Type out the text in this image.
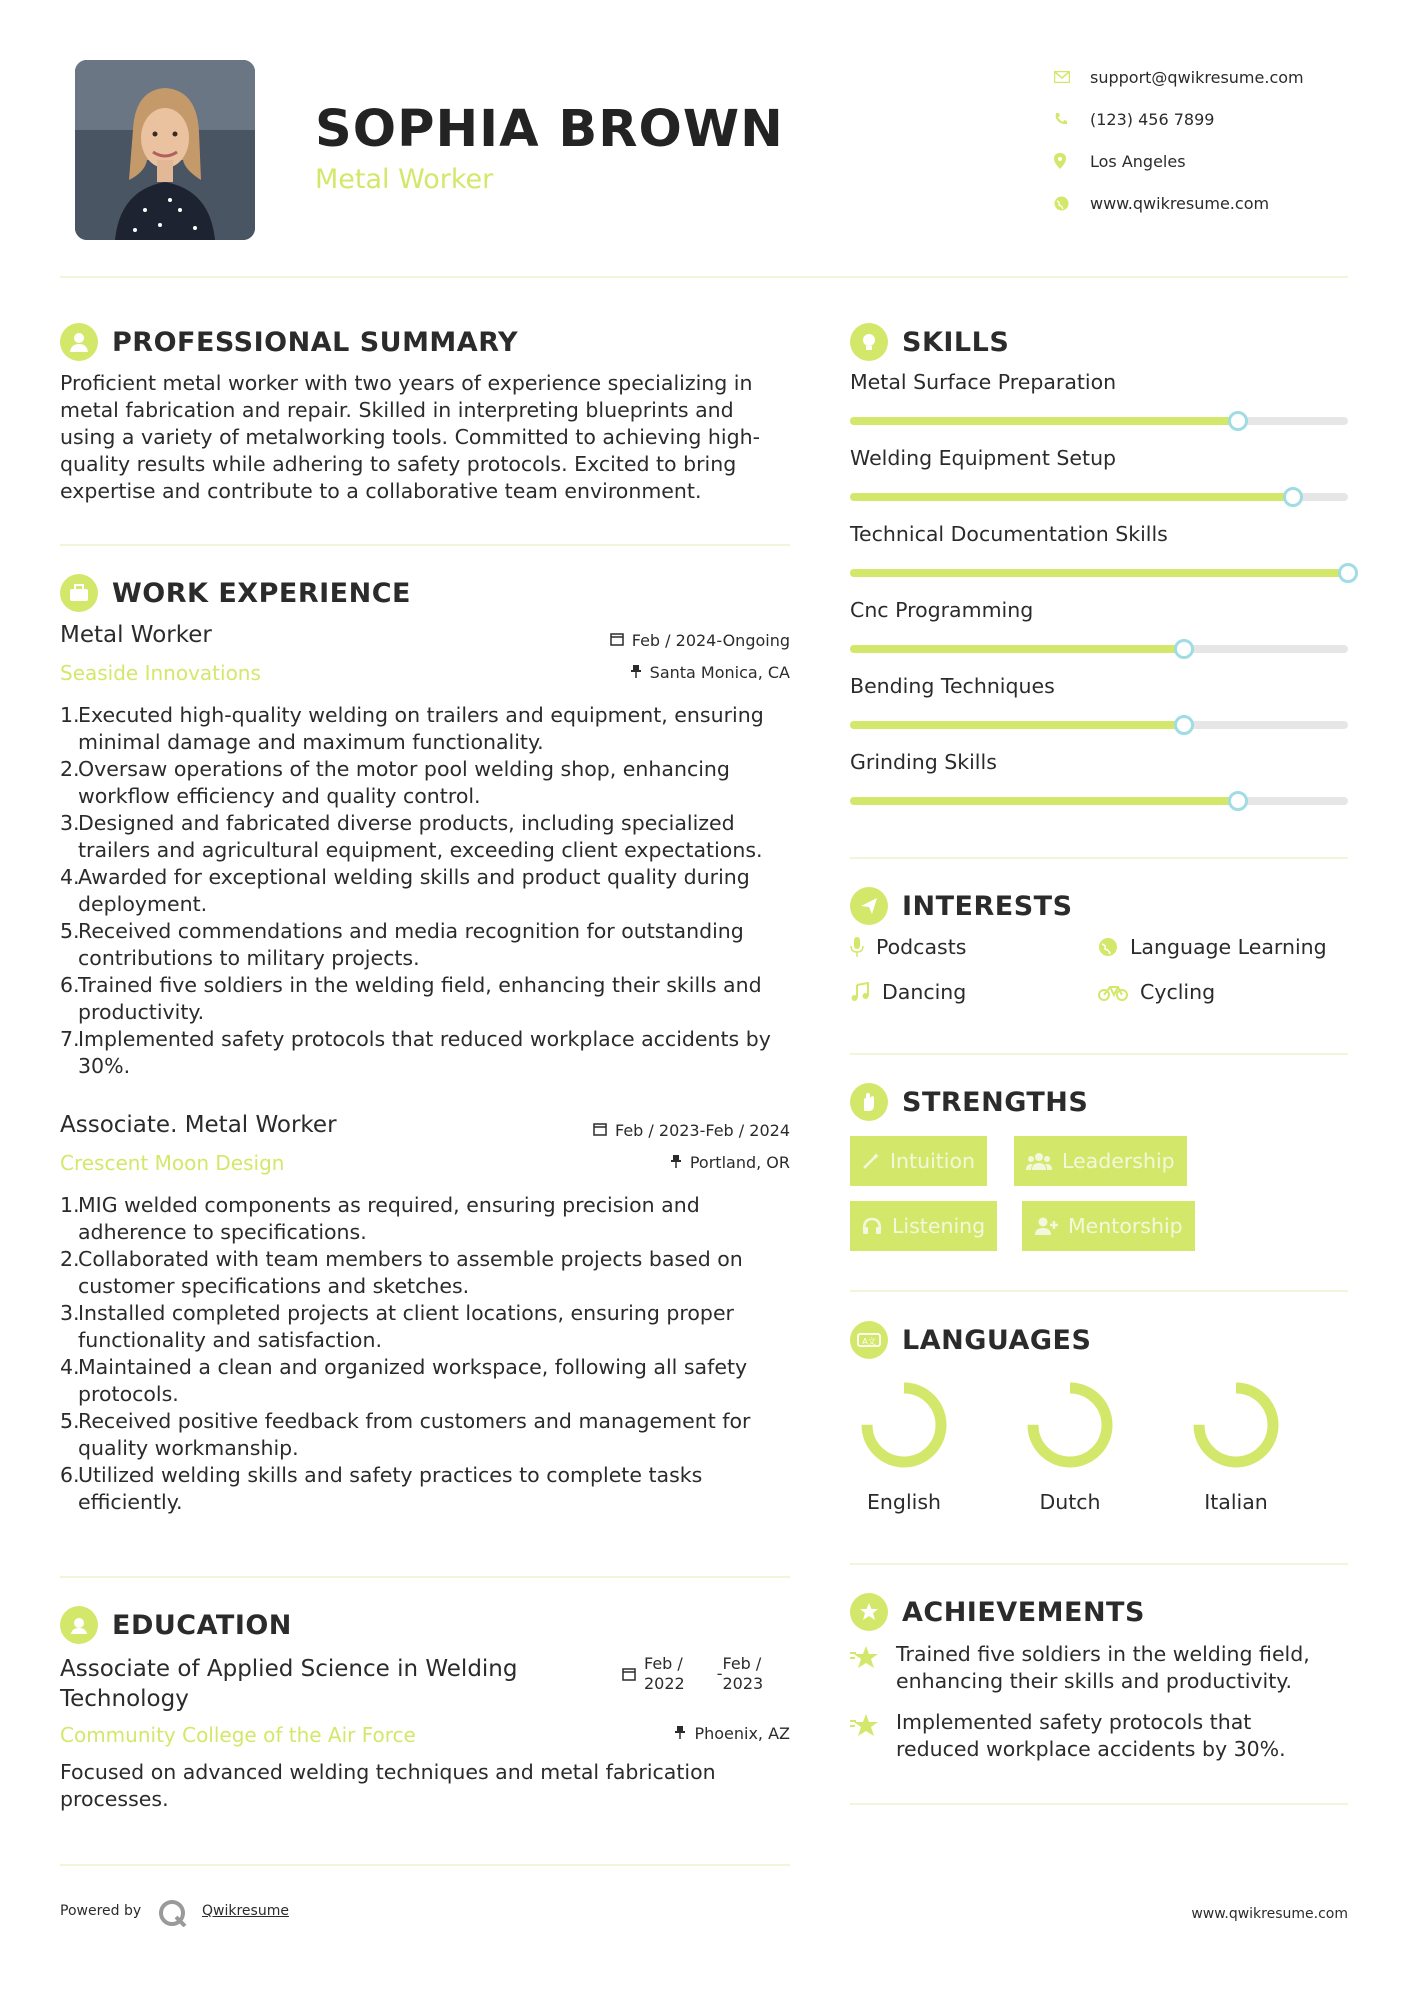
SOPHIA BROWN
Metal Worker
support@qwikresume.com
(123) 456 7899
Los Angeles
www.qwikresume.com
PROFESSIONAL SUMMARY
Proficient metal worker with two years of experience specializing in
metal fabrication and repair. Skilled in interpreting blueprints and
using a variety of metalworking tools. Committed to achieving high-
quality results while adhering to safety protocols. Excited to bring
expertise and contribute to a collaborative team environment.
WORK EXPERIENCE
Metal Worker
Seaside Innovations
Feb / 2024-Ongoing
Santa Monica, CA
1.
Executed high-quality welding on trailers and equipment, ensuring
minimal damage and maximum functionality.
2.
Oversaw operations of the motor pool welding shop, enhancing
workflow efficiency and quality control.
3.
Designed and fabricated diverse products, including specialized
trailers and agricultural equipment, exceeding client expectations.
4.
Awarded for exceptional welding skills and product quality during
deployment.
5.
Received commendations and media recognition for outstanding
contributions to military projects.
6.
Trained five soldiers in the welding field, enhancing their skills and
productivity.
7.
Implemented safety protocols that reduced workplace accidents by
30%.
Associate. Metal Worker
Crescent Moon Design
Feb / 2023-Feb / 2024
Portland, OR
1.
MIG welded components as required, ensuring precision and
adherence to specifications.
2.
Collaborated with team members to assemble projects based on
customer specifications and sketches.
3.
Installed completed projects at client locations, ensuring proper
functionality and satisfaction.
4.
Maintained a clean and organized workspace, following all safety
protocols.
5.
Received positive feedback from customers and management for
quality workmanship.
6.
Utilized welding skills and safety practices to complete tasks
efficiently.
EDUCATION
Associate of Applied Science in Welding
Technology
Feb /
2022
-
Feb /
2023
Community College of the Air Force	Phoenix, AZ
Focused on advanced welding techniques and metal fabrication
processes.
SKILLS
Metal Surface Preparation
Welding Equipment Setup
Technical Documentation Skills
Cnc Programming
Bending Techniques
Grinding Skills
INTERESTS
Podcasts	Language Learning
Dancing	Cycling
STRENGTHS
Intuition	Leadership
Listening	Mentorship
A文 LANGUAGES
English	Dutch	Italian
ACHIEVEMENTS
Trained five soldiers in the welding field,
enhancing their skills and productivity.
Implemented safety protocols that
reduced workplace accidents by 30%.
Powered by	Qwikresume	www.qwikresume.com
